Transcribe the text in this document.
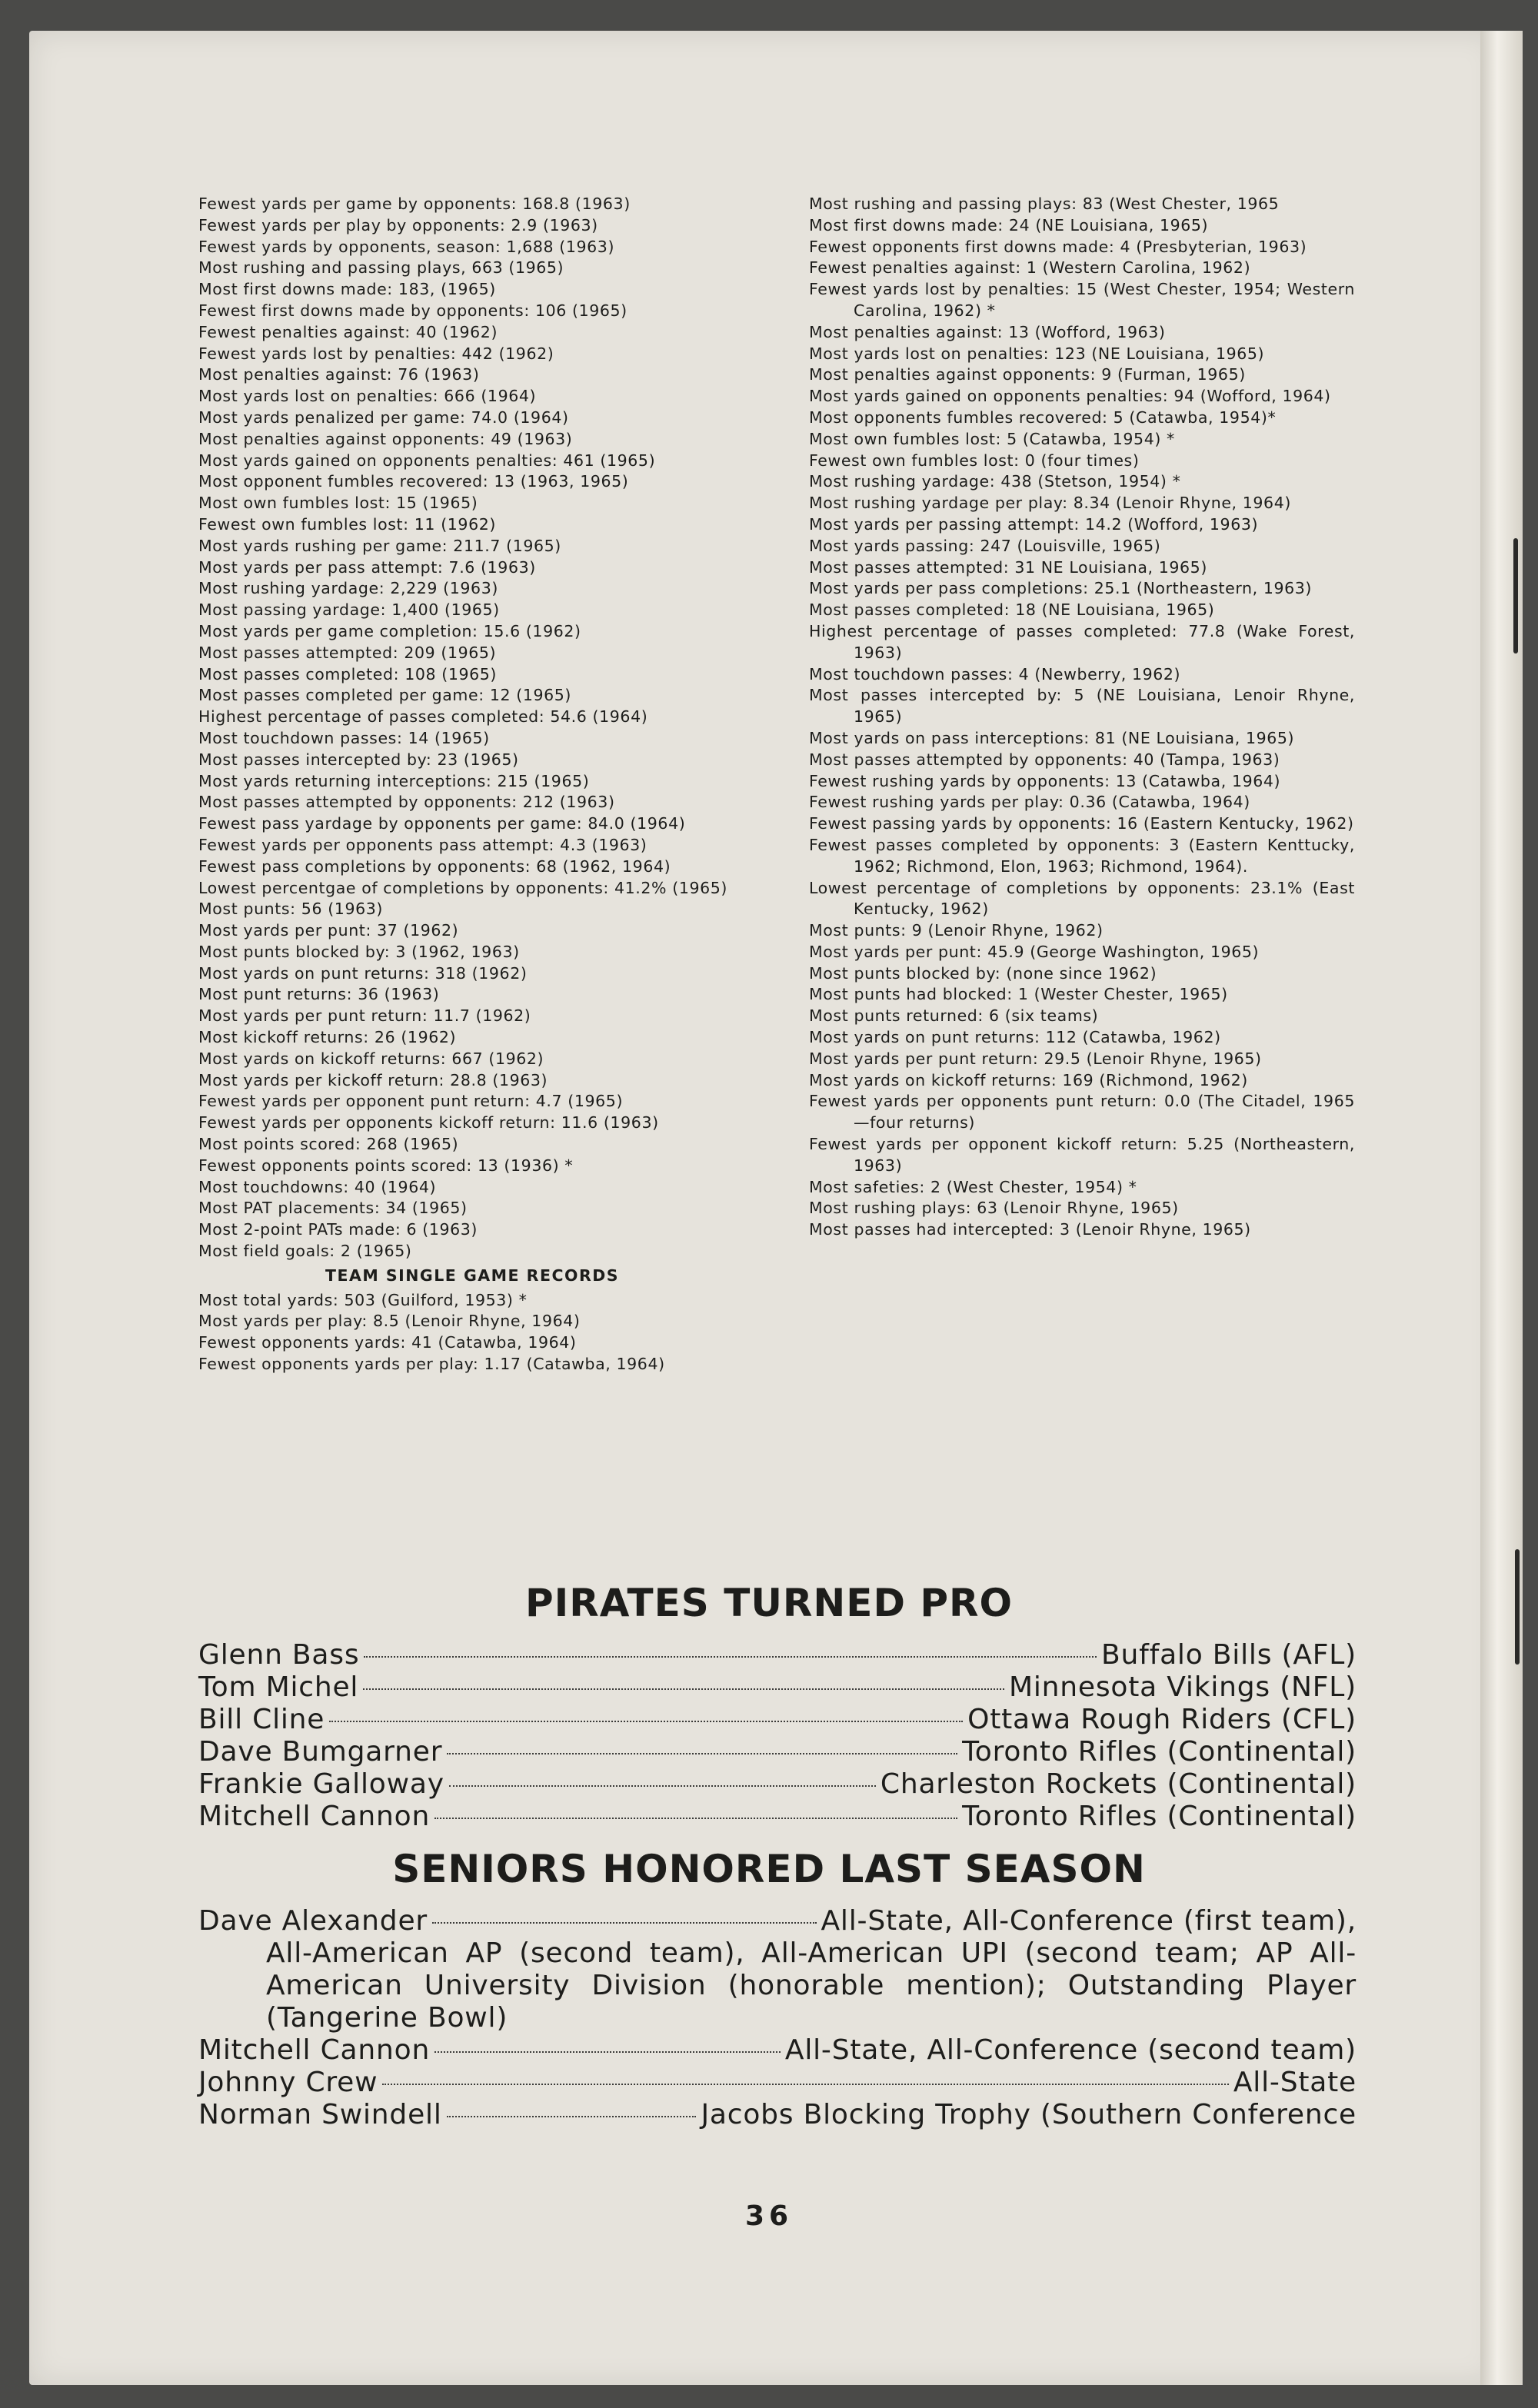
Fewest yards per game by opponents: 168.8 (1963)
Fewest yards per play by opponents: 2.9 (1963)
Fewest yards by opponents, season: 1,688 (1963)
Most rushing and passing plays, 663 (1965)
Most first downs made: 183, (1965)
Fewest first downs made by opponents: 106 (1965)
Fewest penalties against: 40 (1962)
Fewest yards lost by penalties: 442 (1962)
Most penalties against: 76 (1963)
Most yards lost on penalties: 666 (1964)
Most yards penalized per game: 74.0 (1964)
Most penalties against opponents: 49 (1963)
Most yards gained on opponents penalties: 461 (1965)
Most opponent fumbles recovered: 13 (1963, 1965)
Most own fumbles lost: 15 (1965)
Fewest own fumbles lost: 11 (1962)
Most yards rushing per game: 211.7 (1965)
Most yards per pass attempt: 7.6 (1963)
Most rushing yardage: 2,229 (1963)
Most passing yardage: 1,400 (1965)
Most yards per game completion: 15.6 (1962)
Most passes attempted: 209 (1965)
Most passes completed: 108 (1965)
Most passes completed per game: 12 (1965)
Highest percentage of passes completed: 54.6 (1964)
Most touchdown passes: 14 (1965)
Most passes intercepted by: 23 (1965)
Most yards returning interceptions: 215 (1965)
Most passes attempted by opponents: 212 (1963)
Fewest pass yardage by opponents per game: 84.0 (1964)
Fewest yards per opponents pass attempt: 4.3 (1963)
Fewest pass completions by opponents: 68 (1962, 1964)
Lowest percentgae of completions by opponents: 41.2% (1965)
Most punts: 56 (1963)
Most yards per punt: 37 (1962)
Most punts blocked by: 3 (1962, 1963)
Most yards on punt returns: 318 (1962)
Most punt returns: 36 (1963)
Most yards per punt return: 11.7 (1962)
Most kickoff returns: 26 (1962)
Most yards on kickoff returns: 667 (1962)
Most yards per kickoff return: 28.8 (1963)
Fewest yards per opponent punt return: 4.7 (1965)
Fewest yards per opponents kickoff return: 11.6 (1963)
Most points scored: 268 (1965)
Fewest opponents points scored: 13 (1936) *
Most touchdowns: 40 (1964)
Most PAT placements: 34 (1965)
Most 2-point PATs made: 6 (1963)
Most field goals: 2 (1965)
TEAM SINGLE GAME RECORDS
Most total yards: 503 (Guilford, 1953) *
Most yards per play: 8.5 (Lenoir Rhyne, 1964)
Fewest opponents yards: 41 (Catawba, 1964)
Fewest opponents yards per play: 1.17 (Catawba, 1964)
Most rushing and passing plays: 83 (West Chester, 1965
Most first downs made: 24 (NE Louisiana, 1965)
Fewest opponents first downs made: 4 (Presbyterian, 1963)
Fewest penalties against: 1 (Western Carolina, 1962)
Fewest yards lost by penalties: 15 (West Chester, 1954; Western Carolina, 1962) *
Most penalties against: 13 (Wofford, 1963)
Most yards lost on penalties: 123 (NE Louisiana, 1965)
Most penalties against opponents: 9 (Furman, 1965)
Most yards gained on opponents penalties: 94 (Wofford, 1964)
Most opponents fumbles recovered: 5 (Catawba, 1954)*
Most own fumbles lost: 5 (Catawba, 1954) *
Fewest own fumbles lost: 0 (four times)
Most rushing yardage: 438 (Stetson, 1954) *
Most rushing yardage per play: 8.34 (Lenoir Rhyne, 1964)
Most yards per passing attempt: 14.2 (Wofford, 1963)
Most yards passing: 247 (Louisville, 1965)
Most passes attempted: 31 NE Louisiana, 1965)
Most yards per pass completions: 25.1 (Northeastern, 1963)
Most passes completed: 18 (NE Louisiana, 1965)
Highest percentage of passes completed: 77.8 (Wake Forest, 1963)
Most touchdown passes: 4 (Newberry, 1962)
Most passes intercepted by: 5 (NE Louisiana, Lenoir Rhyne, 1965)
Most yards on pass interceptions: 81 (NE Louisiana, 1965)
Most passes attempted by opponents: 40 (Tampa, 1963)
Fewest rushing yards by opponents: 13 (Catawba, 1964)
Fewest rushing yards per play: 0.36 (Catawba, 1964)
Fewest passing yards by opponents: 16 (Eastern Kentucky, 1962)
Fewest passes completed by opponents: 3 (Eastern Kenttucky, 1962; Richmond, Elon, 1963; Richmond, 1964).
Lowest percentage of completions by opponents: 23.1% (East Kentucky, 1962)
Most punts: 9 (Lenoir Rhyne, 1962)
Most yards per punt: 45.9 (George Washington, 1965)
Most punts blocked by: (none since 1962)
Most punts had blocked: 1 (Wester Chester, 1965)
Most punts returned: 6 (six teams)
Most yards on punt returns: 112 (Catawba, 1962)
Most yards per punt return: 29.5 (Lenoir Rhyne, 1965)
Most yards on kickoff returns: 169 (Richmond, 1962)
Fewest yards per opponents punt return: 0.0 (The Citadel, 1965—four returns)
Fewest yards per opponent kickoff return: 5.25 (Northeastern, 1963)
Most safeties: 2 (West Chester, 1954) *
Most rushing plays: 63 (Lenoir Rhyne, 1965)
Most passes had intercepted: 3 (Lenoir Rhyne, 1965)
PIRATES TURNED PRO
Glenn Bass	Buffalo Bills (AFL)
Tom Michel	Minnesota Vikings (NFL)
Bill Cline	Ottawa Rough Riders (CFL)
Dave Bumgarner	Toronto Rifles (Continental)
Frankie Galloway	Charleston Rockets (Continental)
Mitchell Cannon	Toronto Rifles (Continental)
SENIORS HONORED LAST SEASON
Dave Alexander	All-State, All-Conference (first team),
All-American AP (second team), All-American UPI (second team; AP All-
American University Division (honorable mention); Outstanding Player
(Tangerine Bowl)
Mitchell Cannon	All-State, All-Conference (second team)
Johnny Crew	All-State
Norman Swindell	Jacobs Blocking Trophy (Southern Conference
36
